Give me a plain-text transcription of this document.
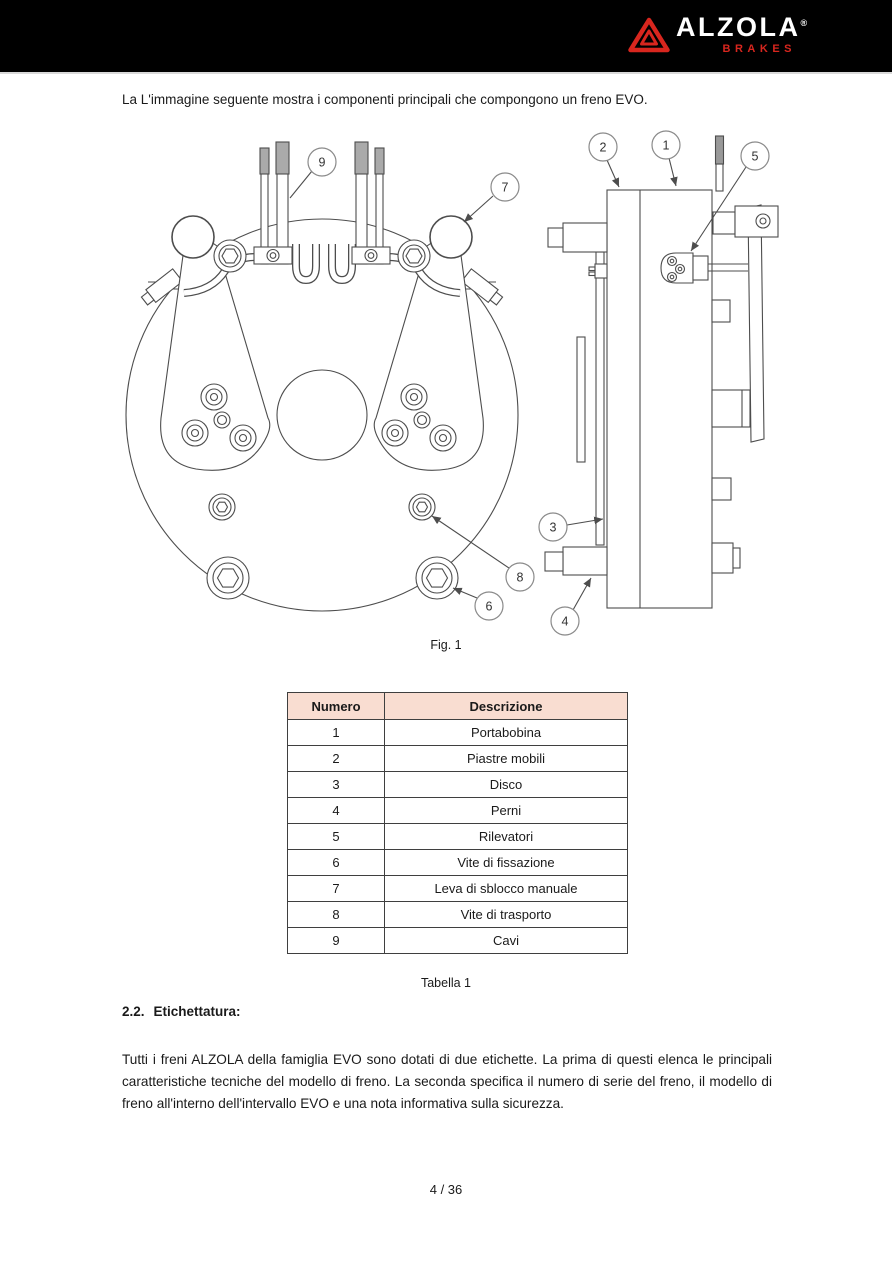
ALZOLA®
BRAKES

La L'immagine seguente mostra i componenti principali che compongono un freno EVO.

9
7
8
6
2	1
5
3
4
Fig. 1
Numero	Descrizione
1	Portabobina
2	Piastre mobili
3	Disco
4	Perni
5	Rilevatori
6	Vite di fissazione
7	Leva di sblocco manuale
8	Vite di trasporto
9	Cavi
Tabella 1
2.2. Etichettatura:

Tutti i freni ALZOLA della famiglia EVO sono dotati di due etichette. La prima di questi elenca le principali caratteristiche tecniche del modello di freno. La seconda specifica il numero di serie del freno, il modello di freno all'interno dell'intervallo EVO e una nota informativa sulla sicurezza.

4 / 36
